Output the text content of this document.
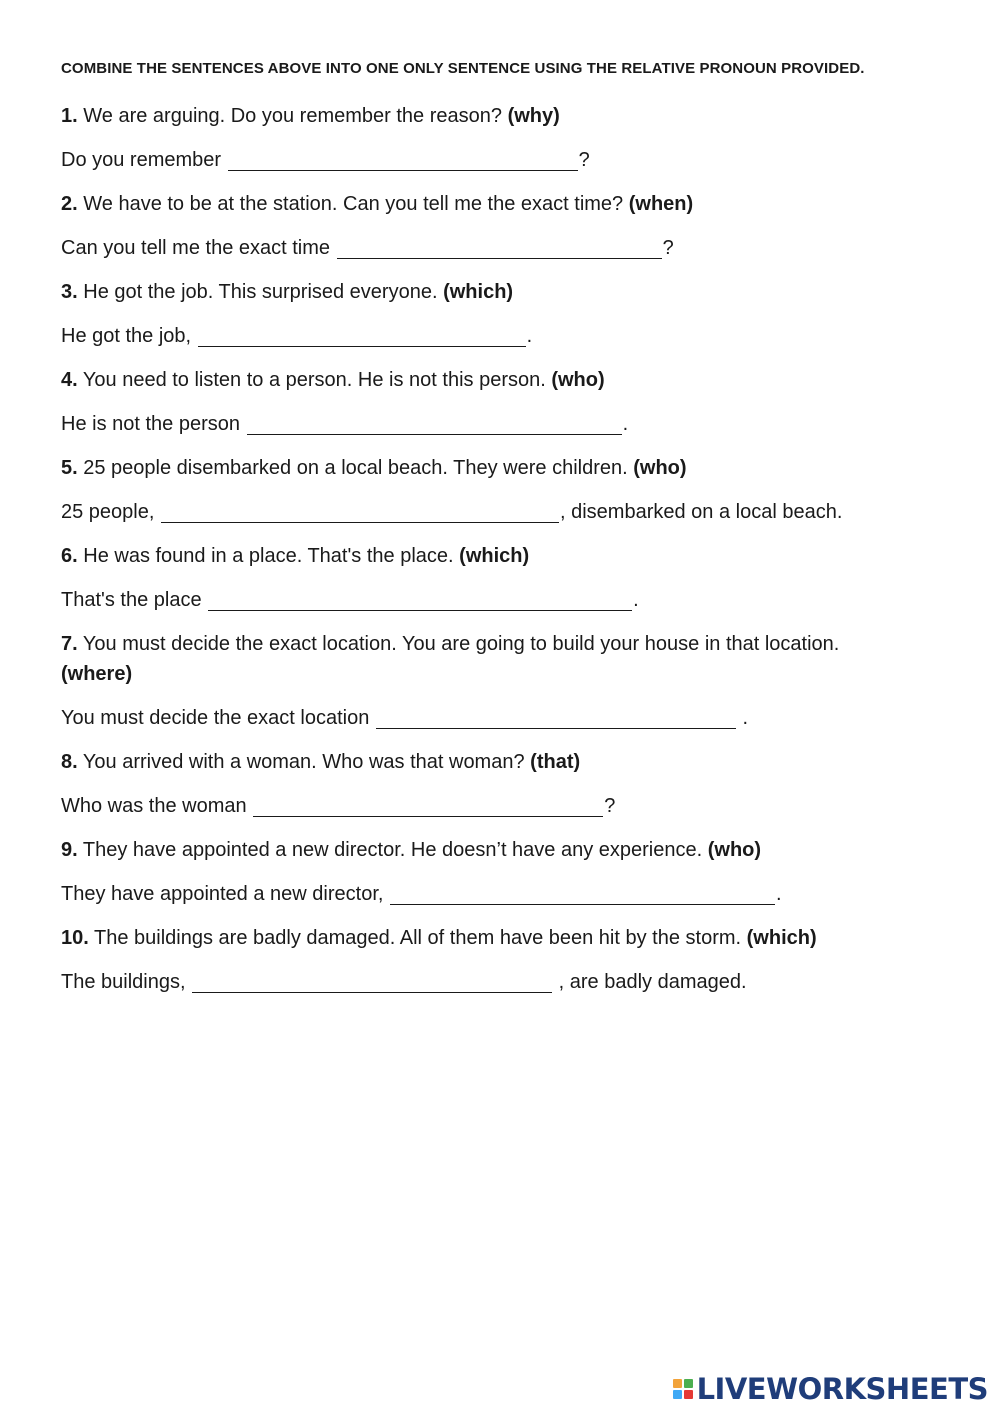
COMBINE THE SENTENCES ABOVE INTO ONE ONLY SENTENCE USING THE RELATIVE PRONOUN PROVIDED.

1. We are arguing. Do you remember the reason? (why)

Do you remember	?

2. We have to be at the station. Can you tell me the exact time? (when)

Can you tell me the exact time	?

3. He got the job. This surprised everyone. (which)

He got the job,	.

4. You need to listen to a person. He is not this person. (who)

He is not the person	.

5. 25 people disembarked on a local beach. They were children. (who)

25 people,	, disembarked on a local beach.

6. He was found in a place. That's the place. (which)

That's the place	.

7. You must decide the exact location. You are going to build your house in that location. (where)

You must decide the exact location	.

8. You arrived with a woman. Who was that woman? (that)

Who was the woman	?

9. They have appointed a new director. He doesn’t have any experience. (who)

They have appointed a new director,	.

10. The buildings are badly damaged. All of them have been hit by the storm. (which)

The buildings,	, are badly damaged.

LIVEWORKSHEETS
